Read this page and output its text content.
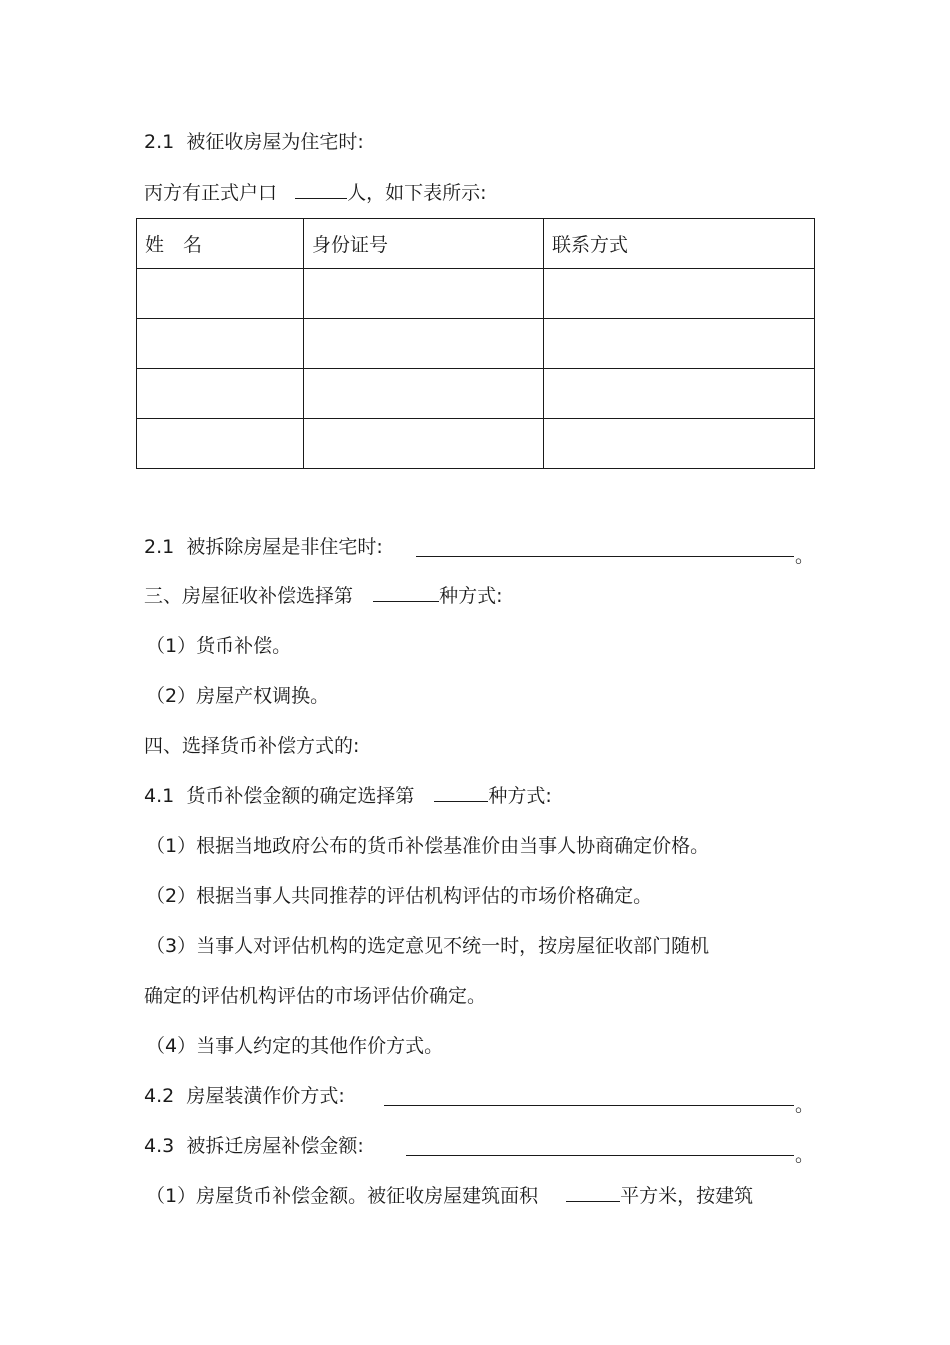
2.1 被征收房屋为住宅时:
丙方有正式户口	人，如下表所示:
姓　名	身份证号	联系方式

2.1 被拆除房屋是非住宅时:	。
三、房屋征收补偿选择第	种方式:
（1）货币补偿。
（2）房屋产权调换。
四、选择货币补偿方式的:
4.1 货币补偿金额的确定选择第	种方式:
（1）根据当地政府公布的货币补偿基准价由当事人协商确定价格。
（2）根据当事人共同推荐的评估机构评估的市场价格确定。
（3）当事人对评估机构的选定意见不统一时，按房屋征收部门随机
确定的评估机构评估的市场评估价确定。
（4）当事人约定的其他作价方式。
4.2 房屋装潢作价方式:	。
4.3 被拆迁房屋补偿金额:	。
（1）房屋货币补偿金额。被征收房屋建筑面积	平方米，按建筑
